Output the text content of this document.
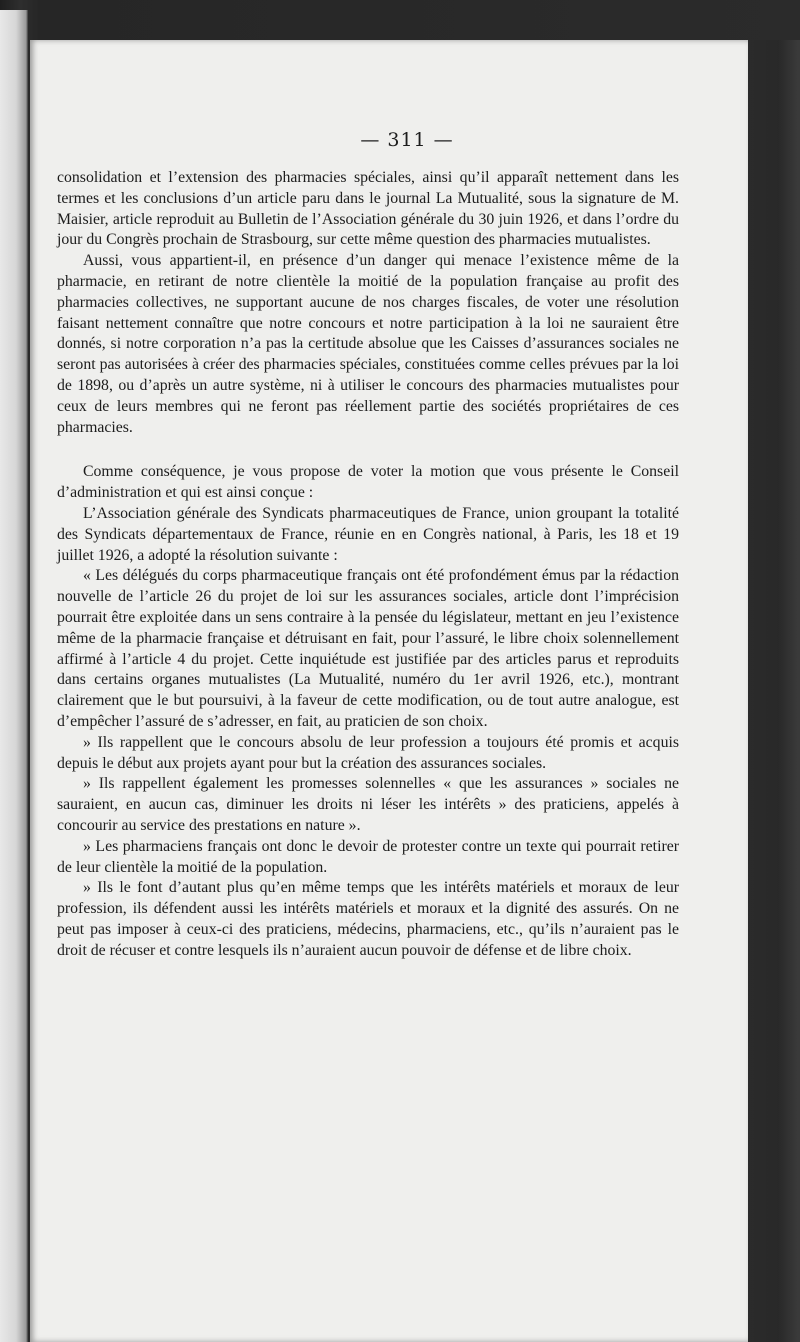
— 311 —

consolidation et l’extension des pharmacies spéciales, ainsi qu’il apparaît nettement dans les termes et les conclusions d’un article paru dans le journal La Mutualité, sous la signature de M. Maisier, article reproduit au Bulletin de l’Association générale du 30 juin 1926, et dans l’ordre du jour du Congrès prochain de Strasbourg, sur cette même question des pharmacies mutualistes.

Aussi, vous appartient-il, en présence d’un danger qui menace l’existence même de la pharmacie, en retirant de notre clientèle la moitié de la population française au profit des pharmacies collectives, ne supportant aucune de nos charges fiscales, de voter une résolution faisant nettement connaître que notre concours et notre participation à la loi ne sauraient être donnés, si notre corporation n’a pas la certitude absolue que les Caisses d’assurances sociales ne seront pas autorisées à créer des pharmacies spéciales, constituées comme celles prévues par la loi de 1898, ou d’après un autre système, ni à utiliser le concours des pharmacies mutualistes pour ceux de leurs membres qui ne feront pas réellement partie des sociétés propriétaires de ces pharmacies.

Comme conséquence, je vous propose de voter la motion que vous présente le Conseil d’administration et qui est ainsi conçue :

L’Association générale des Syndicats pharmaceutiques de France, union groupant la totalité des Syndicats départementaux de France, réunie en en Congrès national, à Paris, les 18 et 19 juillet 1926, a adopté la résolution suivante :

« Les délégués du corps pharmaceutique français ont été profondément émus par la rédaction nouvelle de l’article 26 du projet de loi sur les assurances sociales, article dont l’imprécision pourrait être exploitée dans un sens contraire à la pensée du législateur, mettant en jeu l’existence même de la pharmacie française et détruisant en fait, pour l’assuré, le libre choix solennellement affirmé à l’article 4 du projet. Cette inquiétude est justifiée par des articles parus et reproduits dans certains organes mutualistes (La Mutualité, numéro du 1er avril 1926, etc.), montrant clairement que le but poursuivi, à la faveur de cette modification, ou de tout autre analogue, est d’empêcher l’assuré de s’adresser, en fait, au praticien de son choix.

» Ils rappellent que le concours absolu de leur profession a toujours été promis et acquis depuis le début aux projets ayant pour but la création des assurances sociales.

» Ils rappellent également les promesses solennelles « que les assurances » sociales ne sauraient, en aucun cas, diminuer les droits ni léser les intérêts » des praticiens, appelés à concourir au service des prestations en nature ».

» Les pharmaciens français ont donc le devoir de protester contre un texte qui pourrait retirer de leur clientèle la moitié de la population.

» Ils le font d’autant plus qu’en même temps que les intérêts matériels et moraux de leur profession, ils défendent aussi les intérêts matériels et moraux et la dignité des assurés. On ne peut pas imposer à ceux-ci des praticiens, médecins, pharmaciens, etc., qu’ils n’auraient pas le droit de récuser et contre lesquels ils n’auraient aucun pouvoir de défense et de libre choix.
